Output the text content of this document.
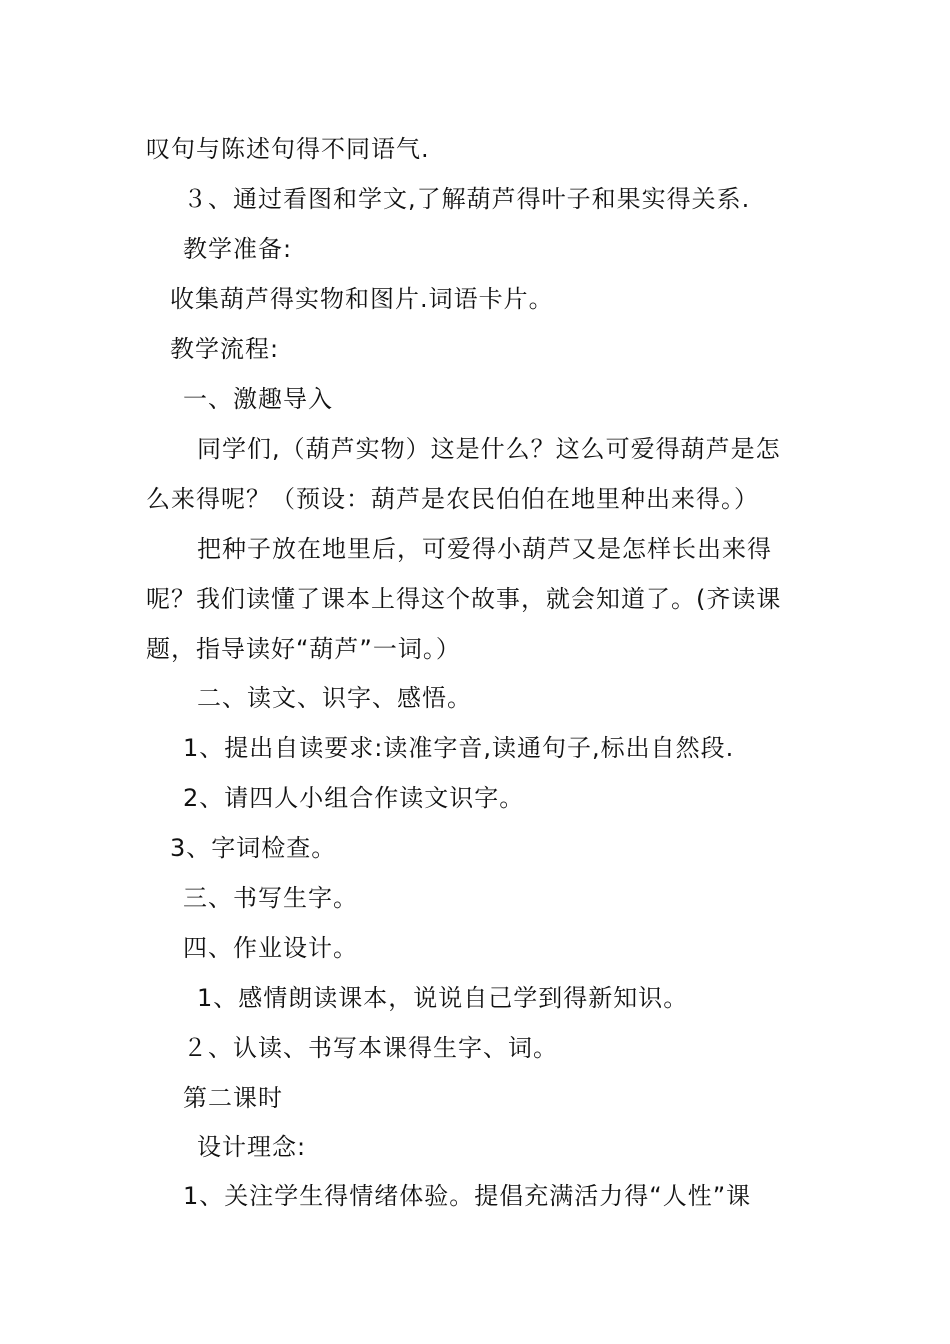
叹句与陈述句得不同语气.
３、通过看图和学文,了解葫芦得叶子和果实得关系.
教学准备:
收集葫芦得实物和图片.词语卡片。
教学流程:
一、激趣导入
同学们,（葫芦实物）这是什么？这么可爱得葫芦是怎
么来得呢？（预设：葫芦是农民伯伯在地里种出来得。）
把种子放在地里后，可爱得小葫芦又是怎样长出来得
呢？我们读懂了课本上得这个故事，就会知道了。(齐读课
题，指导读好“葫芦”一词。）
二、读文、识字、感悟。
1、提出自读要求:读准字音,读通句子,标出自然段.
2、请四人小组合作读文识字。
3、字词检查。
三、书写生字。
四、作业设计。
1、感情朗读课本，说说自己学到得新知识。
２、认读、书写本课得生字、词。
第二课时
设计理念:
1、关注学生得情绪体验。提倡充满活力得“人性”课
